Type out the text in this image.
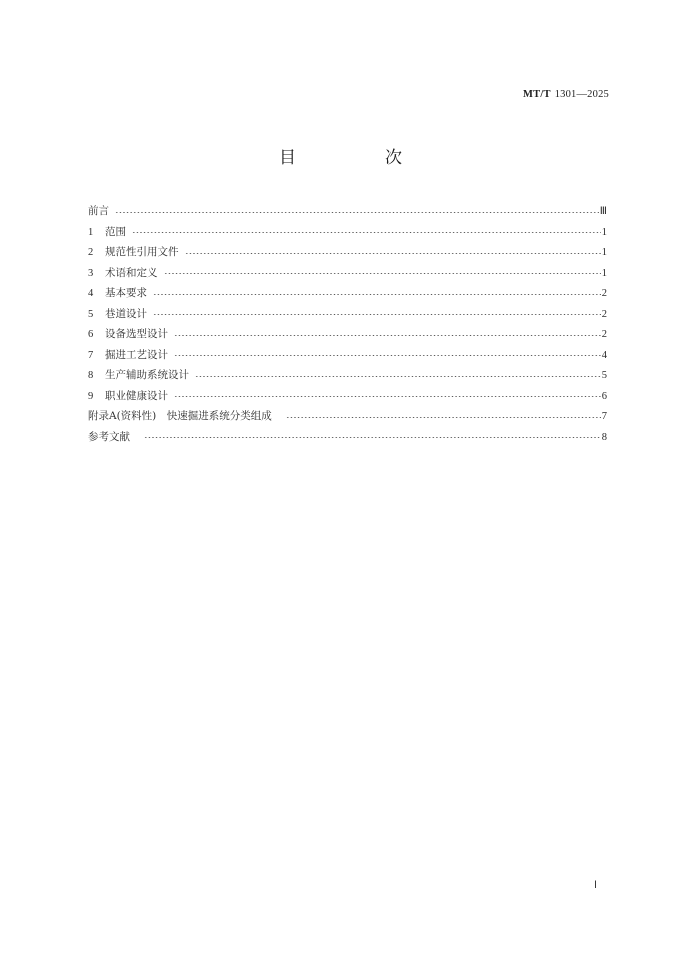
MT/T 1301—2025
目　次
前言	Ⅲ
1	范围	1
2	规范性引用文件	1
3	术语和定义	1
4	基本要求	2
5	巷道设计	2
6	设备选型设计	2
7	掘进工艺设计	4
8	生产辅助系统设计	5
9	职业健康设计	6
附录A(资料性)　快速掘进系统分类组成	7
参考文献	8
Ⅰ
